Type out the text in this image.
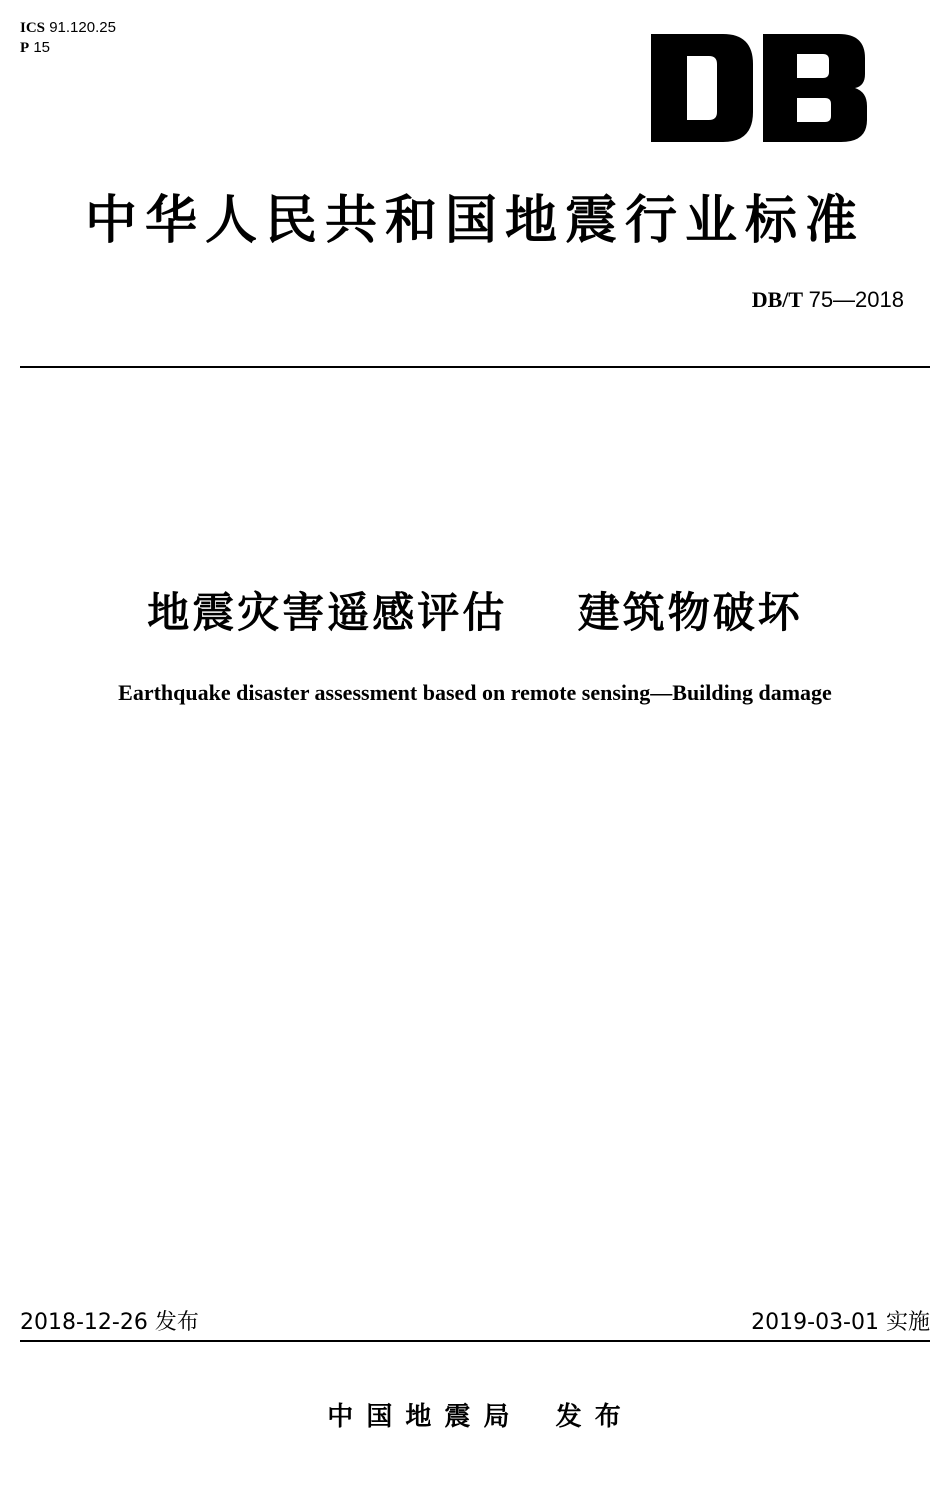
ICS 91.120.25
P 15
中华人民共和国地震行业标准
DB/T 75—2018
地震灾害遥感评估    建筑物破坏
Earthquake disaster assessment based on remote sensing—Building damage
2018-12-26 发布	2019-03-01 实施
中 国 地 震 局    发 布
